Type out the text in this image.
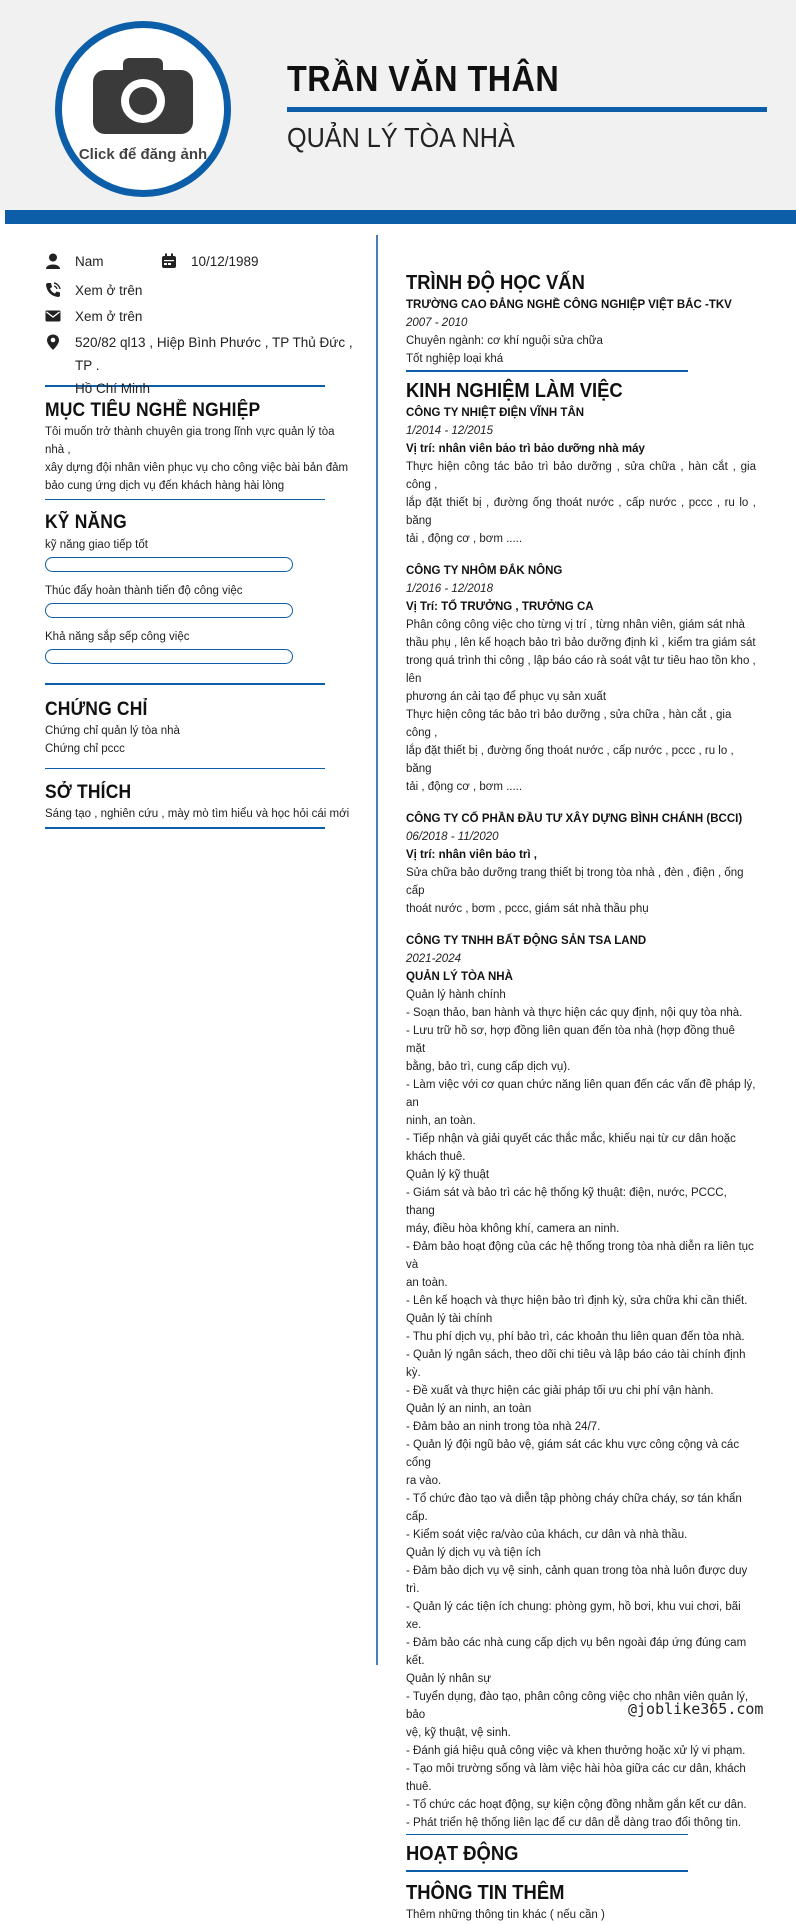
Click để đăng ảnh
TRẦN VĂN THÂN
QUẢN LÝ TÒA NHÀ
Nam	10/12/1989
Xem ở trên
Xem ở trên
520/82 ql13 , Hiệp Bình Phước , TP Thủ Đức , TP .
Hồ Chí Minh
MỤC TIÊU NGHỀ NGHIỆP
Tôi muốn trở thành chuyên gia trong lĩnh vực quản lý tòa nhà ,
xây dựng đội nhân viên phục vụ cho công việc bài bản đảm
bảo cung ứng dịch vụ đến khách hàng hài lòng
KỸ NĂNG
kỹ năng giao tiếp tốt
Thúc đẩy hoàn thành tiến độ công việc
Khả năng sắp sếp công việc
CHỨNG CHỈ
Chứng chỉ quản lý tòa nhà
Chứng chỉ pccc
SỞ THÍCH
Sáng tạo , nghiên cứu , mày mò tìm hiểu và học hỏi cái mới
TRÌNH ĐỘ HỌC VẤN
TRƯỜNG CAO ĐẲNG NGHỀ CÔNG NGHIỆP VIỆT BẮC -TKV
2007 - 2010
Chuyên ngành: cơ khí nguội sửa chữa
Tốt nghiệp loại khá
KINH NGHIỆM LÀM VIỆC
CÔNG TY NHIỆT ĐIỆN VĨNH TÂN
1/2014 - 12/2015
Vị trí: nhân viên bảo trì bảo dưỡng nhà máy
Thực hiện công tác bảo trì bảo dưỡng , sửa chữa , hàn cắt , gia công ,
lắp đặt thiết bị , đường ống thoát nước , cấp nước , pccc , ru lo , băng
tải , động cơ , bơm .....
CÔNG TY NHÔM ĐẮK NÔNG
1/2016 - 12/2018
Vị Trí: TỔ TRƯỞNG , TRƯỞNG CA
Phân công công việc cho từng vị trí , từng nhân viên, giám sát nhà
thầu phụ , lên kế hoạch bảo trì bảo dưỡng định kì , kiểm tra giám sát
trong quá trình thi công , lập báo cáo rà soát vật tư tiêu hao tồn kho , lên
phương án cải tạo để phục vụ sản xuất
Thực hiện công tác bảo trì bảo dưỡng , sửa chữa , hàn cắt , gia công ,
lắp đặt thiết bị , đường ống thoát nước , cấp nước , pccc , ru lo , băng
tải , động cơ , bơm .....
CÔNG TY CỔ PHẦN ĐẦU TƯ XÂY DỰNG BÌNH CHÁNH (BCCI)
06/2018 - 11/2020
Vị trí: nhân viên bảo trì ,
Sửa chữa bảo dưỡng trang thiết bị trong tòa nhà , đèn , điện , ống cấp
thoát nước , bơm , pccc, giám sát nhà thầu phụ
CÔNG TY TNHH BẤT ĐỘNG SẢN TSA LAND
2021-2024
QUẢN LÝ TÒA NHÀ
Quản lý hành chính
- Soạn thảo, ban hành và thực hiện các quy định, nội quy tòa nhà.
- Lưu trữ hồ sơ, hợp đồng liên quan đến tòa nhà (hợp đồng thuê mặt
bằng, bảo trì, cung cấp dịch vụ).
- Làm việc với cơ quan chức năng liên quan đến các vấn đề pháp lý, an
ninh, an toàn.
- Tiếp nhận và giải quyết các thắc mắc, khiếu nại từ cư dân hoặc
khách thuê.
Quản lý kỹ thuật
- Giám sát và bảo trì các hệ thống kỹ thuật: điện, nước, PCCC, thang
máy, điều hòa không khí, camera an ninh.
- Đảm bảo hoạt động của các hệ thống trong tòa nhà diễn ra liên tục và
an toàn.
- Lên kế hoạch và thực hiện bảo trì định kỳ, sửa chữa khi cần thiết.
Quản lý tài chính
- Thu phí dịch vụ, phí bảo trì, các khoản thu liên quan đến tòa nhà.
- Quản lý ngân sách, theo dõi chi tiêu và lập báo cáo tài chính định kỳ.
- Đề xuất và thực hiện các giải pháp tối ưu chi phí vận hành.
Quản lý an ninh, an toàn
- Đảm bảo an ninh trong tòa nhà 24/7.
- Quản lý đội ngũ bảo vệ, giám sát các khu vực công cộng và các cổng
ra vào.
- Tổ chức đào tạo và diễn tập phòng cháy chữa cháy, sơ tán khẩn
cấp.
- Kiểm soát việc ra/vào của khách, cư dân và nhà thầu.
Quản lý dịch vụ và tiện ích
- Đảm bảo dịch vụ vệ sinh, cảnh quan trong tòa nhà luôn được duy trì.
- Quản lý các tiện ích chung: phòng gym, hồ bơi, khu vui chơi, bãi xe.
- Đảm bảo các nhà cung cấp dịch vụ bên ngoài đáp ứng đúng cam
kết.
Quản lý nhân sự
- Tuyển dụng, đào tạo, phân công công việc cho nhân viên quản lý, bảo
vệ, kỹ thuật, vệ sinh.
- Đánh giá hiệu quả công việc và khen thưởng hoặc xử lý vi phạm.
- Tạo môi trường sống và làm việc hài hòa giữa các cư dân, khách
thuê.
- Tổ chức các hoạt động, sự kiện cộng đồng nhằm gắn kết cư dân.
- Phát triển hệ thống liên lạc để cư dân dễ dàng trao đổi thông tin.
HOẠT ĐỘNG
THÔNG TIN THÊM
Thêm những thông tin khác ( nếu cần )
@joblike365.com
